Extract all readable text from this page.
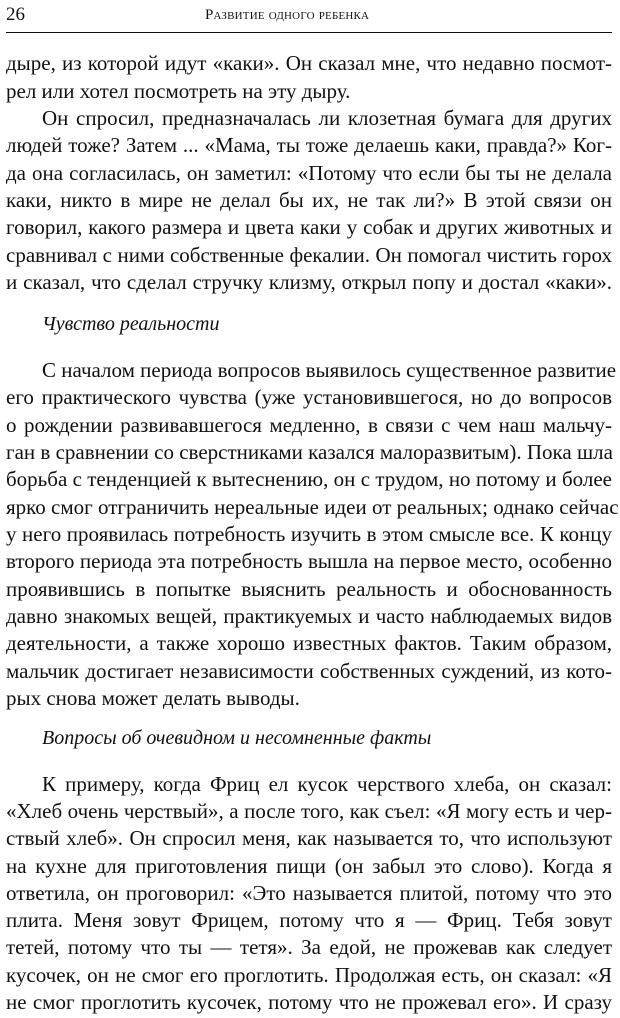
26	Развитие одного ребенка
дыре, из которой идут «каки». Он сказал мне, что недавно посмот-
рел или хотел посмотреть на эту дыру.
Он спросил, предназначалась ли клозетная бумага для других
людей тоже? Затем ... «Мама, ты тоже делаешь каки, правда?» Ког-
да она согласилась, он заметил: «Потому что если бы ты не делала
каки, никто в мире не делал бы их, не так ли?» В этой связи он
говорил, какого размера и цвета каки у собак и других животных и
сравнивал с ними собственные фекалии. Он помогал чистить горох
и сказал, что сделал стручку клизму, открыл попу и достал «каки».
Чувство реальности
С началом периода вопросов выявилось существенное развитие
его практического чувства (уже установившегося, но до вопросов
о рождении развивавшегося медленно, в связи с чем наш мальчу-
ган в сравнении со сверстниками казался малоразвитым). Пока шла
борьба с тенденцией к вытеснению, он с трудом, но потому и более
ярко смог отграничить нереальные идеи от реальных; однако сейчас
у него проявилась потребность изучить в этом смысле все. К концу
второго периода эта потребность вышла на первое место, особенно
проявившись в попытке выяснить реальность и обоснованность
давно знакомых вещей, практикуемых и часто наблюдаемых видов
деятельности, а также хорошо известных фактов. Таким образом,
мальчик достигает независимости собственных суждений, из кото-
рых снова может делать выводы.
Вопросы об очевидном и несомненные факты
К примеру, когда Фриц ел кусок черствого хлеба, он сказал:
«Хлеб очень черствый», а после того, как съел: «Я могу есть и чер-
ствый хлеб». Он спросил меня, как называется то, что используют
на кухне для приготовления пищи (он забыл это слово). Когда я
ответила, он проговорил: «Это называется плитой, потому что это
плита. Меня зовут Фрицем, потому что я — Фриц. Тебя зовут
тетей, потому что ты — тетя». За едой, не прожевав как следует
кусочек, он не смог его проглотить. Продолжая есть, он сказал: «Я
не смог проглотить кусочек, потому что не прожевал его». И сразу
